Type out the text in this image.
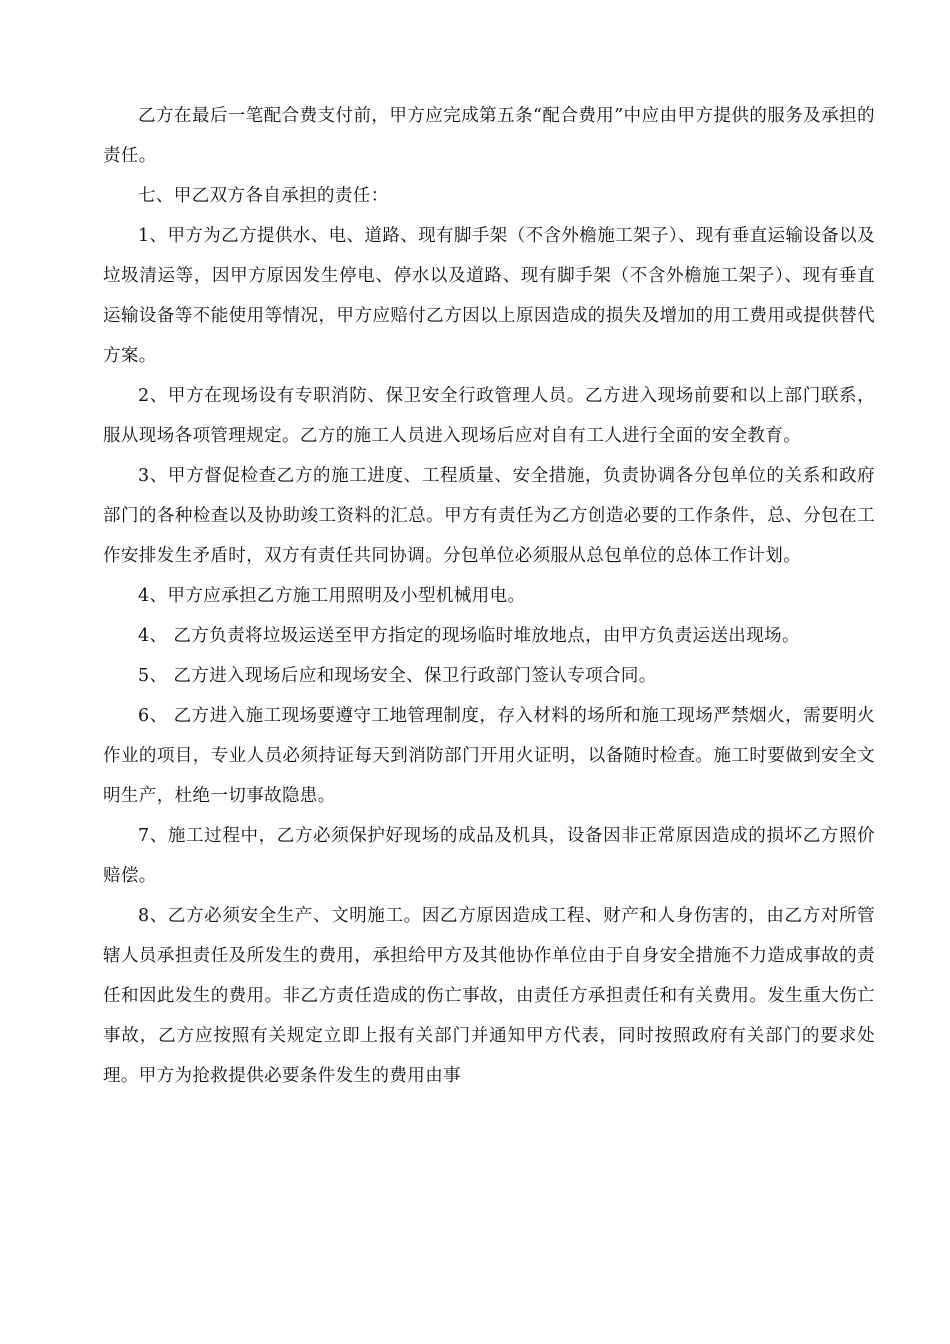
乙方在最后一笔配合费支付前，甲方应完成第五条“配合费用”中应由甲方提供的服务及承担的责任。

七、甲乙双方各自承担的责任：

1、甲方为乙方提供水、电、道路、现有脚手架（不含外檐施工架子）、现有垂直运输设备以及垃圾清运等，因甲方原因发生停电、停水以及道路、现有脚手架（不含外檐施工架子）、现有垂直运输设备等不能使用等情况，甲方应赔付乙方因以上原因造成的损失及增加的用工费用或提供替代方案。

2、甲方在现场设有专职消防、保卫安全行政管理人员。乙方进入现场前要和以上部门联系，服从现场各项管理规定。乙方的施工人员进入现场后应对自有工人进行全面的安全教育。

3、甲方督促检查乙方的施工进度、工程质量、安全措施，负责协调各分包单位的关系和政府部门的各种检查以及协助竣工资料的汇总。甲方有责任为乙方创造必要的工作条件，总、分包在工作安排发生矛盾时，双方有责任共同协调。分包单位必须服从总包单位的总体工作计划。

4、甲方应承担乙方施工用照明及小型机械用电。

4、 乙方负责将垃圾运送至甲方指定的现场临时堆放地点，由甲方负责运送出现场。

5、 乙方进入现场后应和现场安全、保卫行政部门签认专项合同。

6、 乙方进入施工现场要遵守工地管理制度，存入材料的场所和施工现场严禁烟火，需要明火作业的项目，专业人员必须持证每天到消防部门开用火证明，以备随时检查。施工时要做到安全文明生产，杜绝一切事故隐患。

7、施工过程中，乙方必须保护好现场的成品及机具，设备因非正常原因造成的损坏乙方照价赔偿。

8、乙方必须安全生产、文明施工。因乙方原因造成工程、财产和人身伤害的，由乙方对所管辖人员承担责任及所发生的费用，承担给甲方及其他协作单位由于自身安全措施不力造成事故的责任和因此发生的费用。非乙方责任造成的伤亡事故，由责任方承担责任和有关费用。发生重大伤亡事故，乙方应按照有关规定立即上报有关部门并通知甲方代表，同时按照政府有关部门的要求处理。甲方为抢救提供必要条件发生的费用由事
